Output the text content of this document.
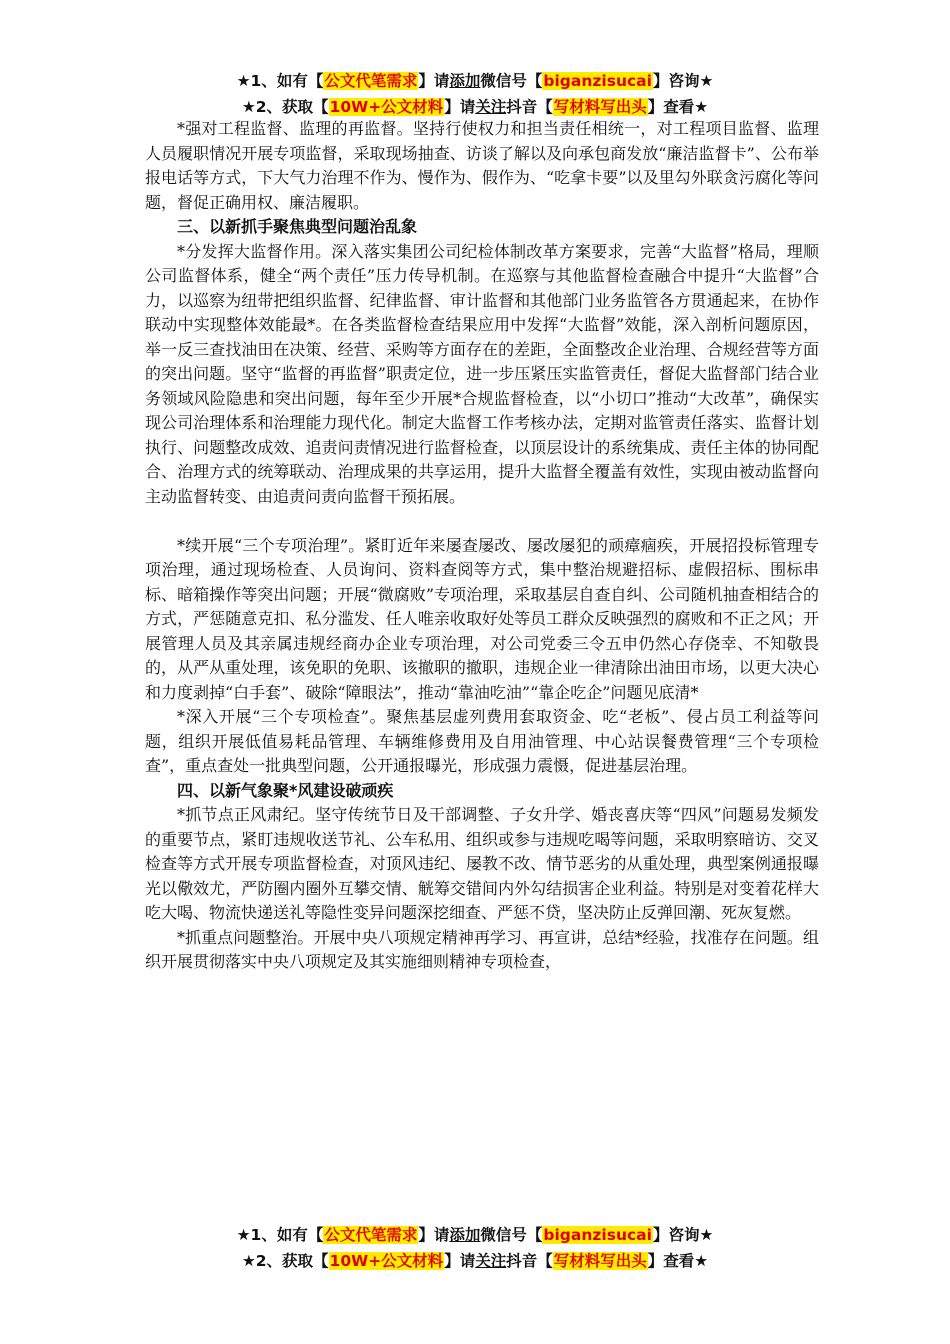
★1、如有【公文代笔需求】请添加微信号【biganzisucai】咨询★
★2、获取【10W+公文材料】请关注抖音【写材料写出头】查看★

*强对工程监督、监理的再监督。坚持行使权力和担当责任相统一，对工程项目监督、监理人员履职情况开展专项监督，采取现场抽查、访谈了解以及向承包商发放“廉洁监督卡”、公布举报电话等方式，下大气力治理不作为、慢作为、假作为、“吃拿卡要”以及里勾外联贪污腐化等问题，督促正确用权、廉洁履职。

三、以新抓手聚焦典型问题治乱象

*分发挥大监督作用。深入落实集团公司纪检体制改革方案要求，完善“大监督”格局，理顺公司监督体系，健全“两个责任”压力传导机制。在巡察与其他监督检查融合中提升“大监督”合力，以巡察为纽带把组织监督、纪律监督、审计监督和其他部门业务监管各方贯通起来，在协作联动中实现整体效能最*。在各类监督检查结果应用中发挥“大监督”效能，深入剖析问题原因，举一反三查找油田在决策、经营、采购等方面存在的差距，全面整改企业治理、合规经营等方面的突出问题。坚守“监督的再监督”职责定位，进一步压紧压实监管责任，督促大监督部门结合业务领域风险隐患和突出问题，每年至少开展*合规监督检查，以“小切口”推动“大改革”，确保实现公司治理体系和治理能力现代化。制定大监督工作考核办法，定期对监管责任落实、监督计划执行、问题整改成效、追责问责情况进行监督检查，以顶层设计的系统集成、责任主体的协同配合、治理方式的统筹联动、治理成果的共享运用，提升大监督全覆盖有效性，实现由被动监督向主动监督转变、由追责问责向监督干预拓展。

*续开展“三个专项治理”。紧盯近年来屡查屡改、屡改屡犯的顽瘴痼疾，开展招投标管理专项治理，通过现场检查、人员询问、资料查阅等方式，集中整治规避招标、虚假招标、围标串标、暗箱操作等突出问题；开展“微腐败”专项治理，采取基层自查自纠、公司随机抽查相结合的方式，严惩随意克扣、私分滥发、任人唯亲收取好处等员工群众反映强烈的腐败和不正之风；开展管理人员及其亲属违规经商办企业专项治理，对公司党委三令五申仍然心存侥幸、不知敬畏的，从严从重处理，该免职的免职、该撤职的撤职，违规企业一律清除出油田市场，以更大决心和力度剥掉“白手套”、破除“障眼法”，推动“靠油吃油”“靠企吃企”问题见底清*

*深入开展“三个专项检查”。聚焦基层虚列费用套取资金、吃“老板”、侵占员工利益等问题，组织开展低值易耗品管理、车辆维修费用及自用油管理、中心站误餐费管理“三个专项检查”，重点查处一批典型问题，公开通报曝光，形成强力震慑，促进基层治理。

四、以新气象聚*风建设破顽疾

*抓节点正风肃纪。坚守传统节日及干部调整、子女升学、婚丧喜庆等“四风”问题易发频发的重要节点，紧盯违规收送节礼、公车私用、组织或参与违规吃喝等问题，采取明察暗访、交叉检查等方式开展专项监督检查，对顶风违纪、屡教不改、情节恶劣的从重处理，典型案例通报曝光以儆效尤，严防圈内圈外互攀交情、觥筹交错间内外勾结损害企业利益。特别是对变着花样大吃大喝、物流快递送礼等隐性变异问题深挖细查、严惩不贷，坚决防止反弹回潮、死灰复燃。

*抓重点问题整治。开展中央八项规定精神再学习、再宣讲，总结*经验，找准存在问题。组织开展贯彻落实中央八项规定及其实施细则精神专项检查，

★1、如有【公文代笔需求】请添加微信号【biganzisucai】咨询★
★2、获取【10W+公文材料】请关注抖音【写材料写出头】查看★
